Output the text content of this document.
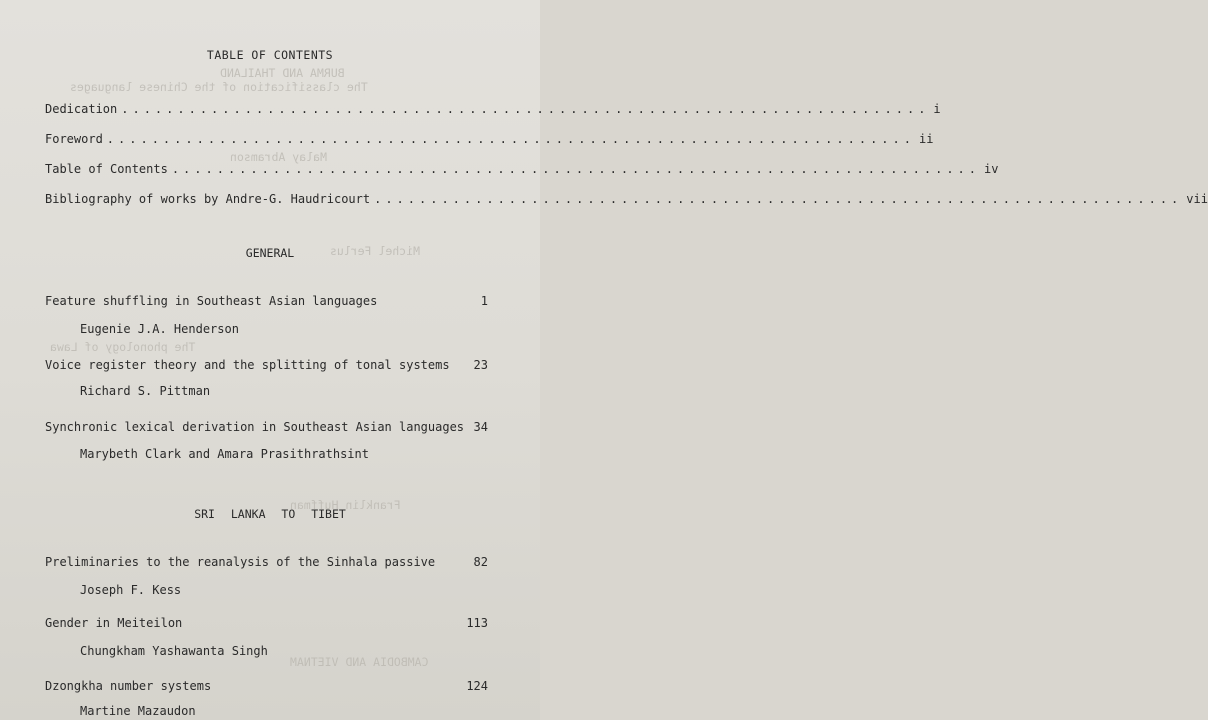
BURMA AND THAILAND
The classification of the Chinese languages
Malay Abramson
Michel Ferlus
The phonology of Lawa
Franklin Huffman
CAMBODIA AND VIETNAM
TABLE OF CONTENTS
Dedication ........................................................................ i
Foreword ........................................................................ ii
Table of Contents ........................................................................ iv
Bibliography of works by Andre-G. Haudricourt ........................................................................ vii
GENERAL
Feature shuffling in Southeast Asian languages	1
Eugenie J.A. Henderson
Voice register theory and the splitting of tonal systems 23
Richard S. Pittman
Synchronic lexical derivation in Southeast Asian languages 34
Marybeth Clark and Amara Prasithrathsint
SRI LANKA TO TIBET
Preliminaries to the reanalysis of the Sinhala passive	82
Joseph F. Kess
Gender in Meiteilon	113
Chungkham Yashawanta Singh
Dzongkha number systems	124
Martine Mazaudon
